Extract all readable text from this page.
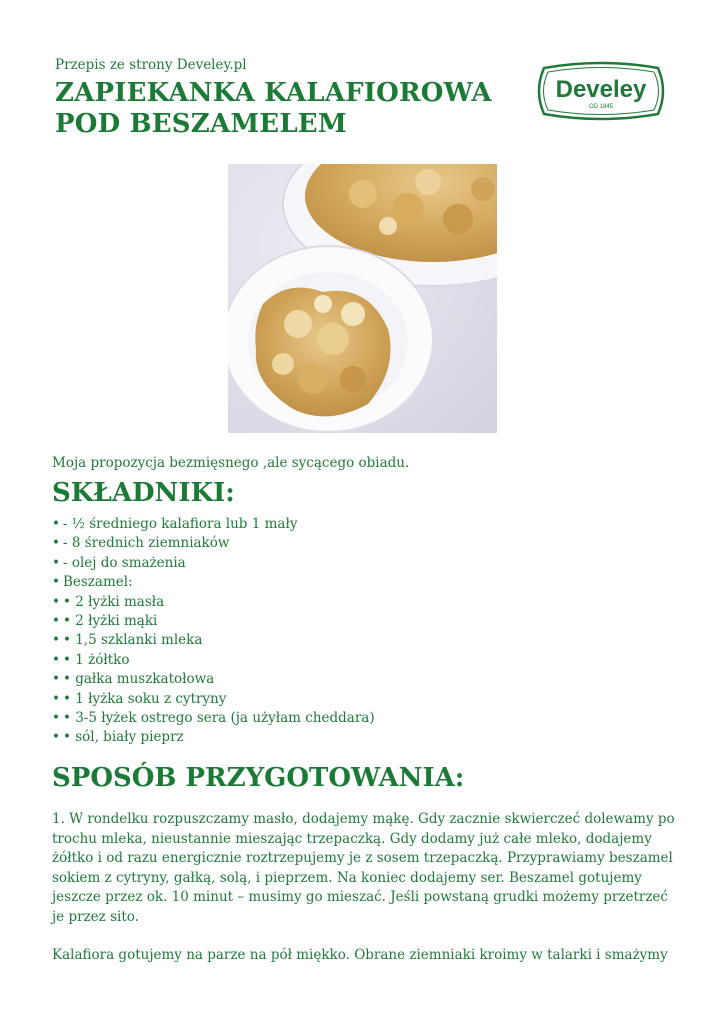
Przepis ze strony Develey.pl
ZAPIEKANKA KALAFIOROWA
POD BESZAMELEM
Develey
OD 1845
Moja propozycja bezmięsnego ,ale sycącego obiadu.
SKŁADNIKI:
• - ½ średniego kalafiora lub 1 mały
• - 8 średnich ziemniaków
• - olej do smażenia
• Beszamel:
• • 2 łyżki masła
• • 2 łyżki mąki
• • 1,5 szklanki mleka
• • 1 żółtko
• • gałka muszkatołowa
• • 1 łyżka soku z cytryny
• • 3-5 łyżek ostrego sera (ja użyłam cheddara)
• • sól, biały pieprz
SPOSÓB PRZYGOTOWANIA:

1. W rondelku rozpuszczamy masło, dodajemy mąkę. Gdy zacznie skwierczeć dolewamy po trochu mleka, nieustannie mieszając trzepaczką. Gdy dodamy już całe mleko, dodajemy żółtko i od razu energicznie roztrzepujemy je z sosem trzepaczką. Przyprawiamy beszamel sokiem z cytryny, gałką, solą, i pieprzem. Na koniec dodajemy ser. Beszamel gotujemy jeszcze przez ok. 10 minut – musimy go mieszać. Jeśli powstaną grudki możemy przetrzeć je przez sito.

Kalafiora gotujemy na parze na pół miękko. Obrane ziemniaki kroimy w talarki i smażymy
